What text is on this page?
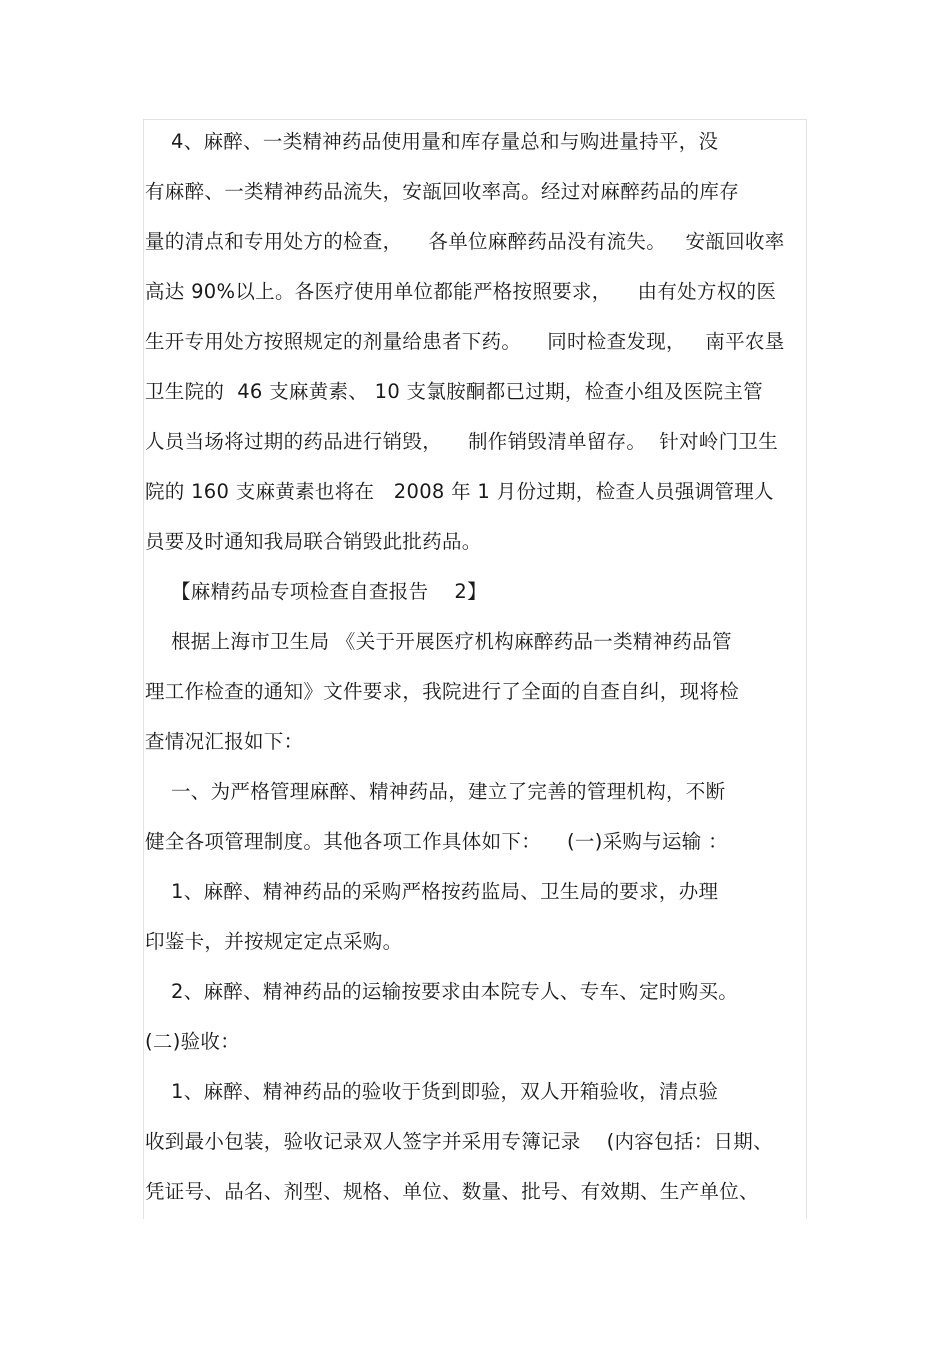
4、麻醉、一类精神药品使用量和库存量总和与购进量持平，没
有麻醉、一类精神药品流失，安瓿回收率高。经过对麻醉药品的库存
量的清点和专用处方的检查，    各单位麻醉药品没有流失。   安瓿回收率
高达 90%以上。各医疗使用单位都能严格按照要求，    由有处方权的医
生开专用处方按照规定的剂量给患者下药。    同时检查发现，   南平农垦
卫生院的  46 支麻黄素、 10 支氯胺酮都已过期，检查小组及医院主管
人员当场将过期的药品进行销毁，    制作销毁清单留存。  针对岭门卫生
院的 160 支麻黄素也将在   2008 年 1 月份过期，检查人员强调管理人
员要及时通知我局联合销毁此批药品。
【麻精药品专项检查自查报告    2】
根据上海市卫生局 《关于开展医疗机构麻醉药品一类精神药品管
理工作检查的通知》文件要求，我院进行了全面的自查自纠，现将检
查情况汇报如下：
一、为严格管理麻醉、精神药品，建立了完善的管理机构，不断
健全各项管理制度。其他各项工作具体如下：    (一)采购与运输 ：
1、麻醉、精神药品的采购严格按药监局、卫生局的要求，办理
印鉴卡，并按规定定点采购。
2、麻醉、精神药品的运输按要求由本院专人、专车、定时购买。
(二)验收：
1、麻醉、精神药品的验收于货到即验，双人开箱验收，清点验
收到最小包装，验收记录双人签字并采用专簿记录    (内容包括：日期、
凭证号、品名、剂型、规格、单位、数量、批号、有效期、生产单位、
